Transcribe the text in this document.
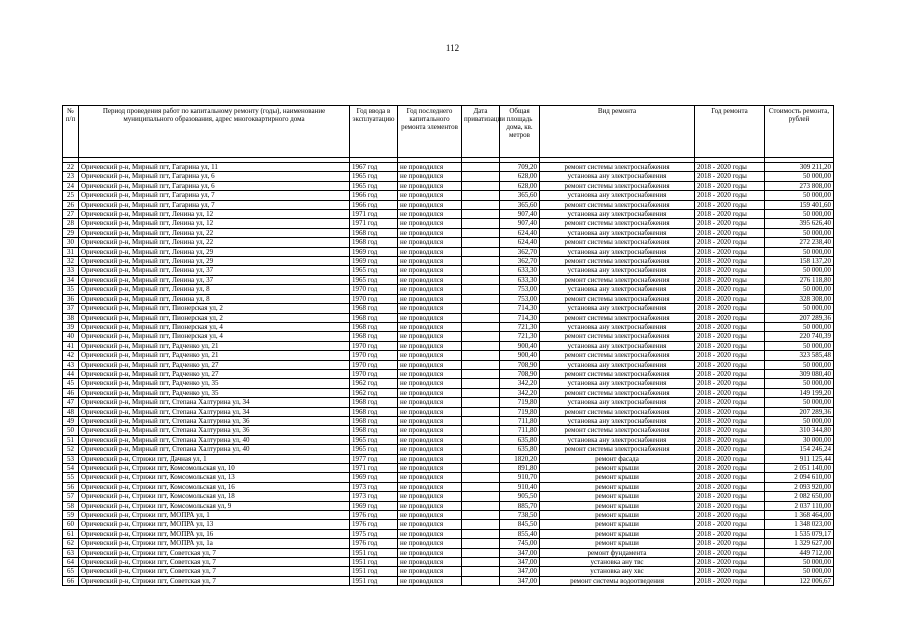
112
№ п/п	Период проведения работ по капитальному ремонту (годы), наименование муниципального образования, адрес многоквартирного дома	Год ввода в эксплуатацию	Год последнего капитального ремонта элементов	Дата приватизации	Общая площадь дома, кв. метров	Вид ремонта	Год ремонта	Стоимость ремонта, рублей

22	Оричевский р-н, Мирный пгт, Гагарина ул, 11	1967 год	не проводился		709,20	ремонт системы электроснабжения	2018 - 2020 годы	309 211,20
23	Оричевский р-н, Мирный пгт, Гагарина ул, 6	1965 год	не проводился		628,00	установка ану электроснабжения	2018 - 2020 годы	50 000,00
24	Оричевский р-н, Мирный пгт, Гагарина ул, 6	1965 год	не проводился		628,00	ремонт системы электроснабжения	2018 - 2020 годы	273 808,00
25	Оричевский р-н, Мирный пгт, Гагарина ул, 7	1966 год	не проводился		365,60	установка ану электроснабжения	2018 - 2020 годы	50 000,00
26	Оричевский р-н, Мирный пгт, Гагарина ул, 7	1966 год	не проводился		365,60	ремонт системы электроснабжения	2018 - 2020 годы	159 401,60
27	Оричевский р-н, Мирный пгт, Ленина ул, 12	1971 год	не проводился		907,40	установка ану электроснабжения	2018 - 2020 годы	50 000,00
28	Оричевский р-н, Мирный пгт, Ленина ул, 12	1971 год	не проводился		907,40	ремонт системы электроснабжения	2018 - 2020 годы	395 626,40
29	Оричевский р-н, Мирный пгт, Ленина ул, 22	1968 год	не проводился		624,40	установка ану электроснабжения	2018 - 2020 годы	50 000,00
30	Оричевский р-н, Мирный пгт, Ленина ул, 22	1968 год	не проводился		624,40	ремонт системы электроснабжения	2018 - 2020 годы	272 238,40
31	Оричевский р-н, Мирный пгт, Ленина ул, 29	1969 год	не проводился		362,70	установка ану электроснабжения	2018 - 2020 годы	50 000,00
32	Оричевский р-н, Мирный пгт, Ленина ул, 29	1969 год	не проводился		362,70	ремонт системы электроснабжения	2018 - 2020 годы	158 137,20
33	Оричевский р-н, Мирный пгт, Ленина ул, 37	1965 год	не проводился		633,30	установка ану электроснабжения	2018 - 2020 годы	50 000,00
34	Оричевский р-н, Мирный пгт, Ленина ул, 37	1965 год	не проводился		633,30	ремонт системы электроснабжения	2018 - 2020 годы	276 118,80
35	Оричевский р-н, Мирный пгт, Ленина ул, 8	1970 год	не проводился		753,00	установка ану электроснабжения	2018 - 2020 годы	50 000,00
36	Оричевский р-н, Мирный пгт, Ленина ул, 8	1970 год	не проводился		753,00	ремонт системы электроснабжения	2018 - 2020 годы	328 308,00
37	Оричевский р-н, Мирный пгт, Пионерская ул, 2	1968 год	не проводился		714,30	установка ану электроснабжения	2018 - 2020 годы	50 000,00
38	Оричевский р-н, Мирный пгт, Пионерская ул, 2	1968 год	не проводился		714,30	ремонт системы электроснабжения	2018 - 2020 годы	207 289,36
39	Оричевский р-н, Мирный пгт, Пионерская ул, 4	1968 год	не проводился		721,30	установка ану электроснабжения	2018 - 2020 годы	50 000,00
40	Оричевский р-н, Мирный пгт, Пионерская ул, 4	1968 год	не проводился		721,30	ремонт системы электроснабжения	2018 - 2020 годы	220 740,39
41	Оричевский р-н, Мирный пгт, Радченко ул, 21	1970 год	не проводился		900,40	установка ану электроснабжения	2018 - 2020 годы	50 000,00
42	Оричевский р-н, Мирный пгт, Радченко ул, 21	1970 год	не проводился		900,40	ремонт системы электроснабжения	2018 - 2020 годы	323 585,48
43	Оричевский р-н, Мирный пгт, Радченко ул, 27	1970 год	не проводился		708,90	установка ану электроснабжения	2018 - 2020 годы	50 000,00
44	Оричевский р-н, Мирный пгт, Радченко ул, 27	1970 год	не проводился		708,90	ремонт системы электроснабжения	2018 - 2020 годы	309 080,40
45	Оричевский р-н, Мирный пгт, Радченко ул, 35	1962 год	не проводился		342,20	установка ану электроснабжения	2018 - 2020 годы	50 000,00
46	Оричевский р-н, Мирный пгт, Радченко ул, 35	1962 год	не проводился		342,20	ремонт системы электроснабжения	2018 - 2020 годы	149 199,20
47	Оричевский р-н, Мирный пгт, Степана Халтурина ул, 34	1968 год	не проводился		719,80	установка ану электроснабжения	2018 - 2020 годы	50 000,00
48	Оричевский р-н, Мирный пгт, Степана Халтурина ул, 34	1968 год	не проводился		719,80	ремонт системы электроснабжения	2018 - 2020 годы	207 289,36
49	Оричевский р-н, Мирный пгт, Степана Халтурина ул, 36	1968 год	не проводился		711,80	установка ану электроснабжения	2018 - 2020 годы	50 000,00
50	Оричевский р-н, Мирный пгт, Степана Халтурина ул, 36	1968 год	не проводился		711,80	ремонт системы электроснабжения	2018 - 2020 годы	310 344,80
51	Оричевский р-н, Мирный пгт, Степана Халтурина ул, 40	1965 год	не проводился		635,80	установка ану электроснабжения	2018 - 2020 годы	30 000,00
52	Оричевский р-н, Мирный пгт, Степана Халтурина ул, 40	1965 год	не проводился		635,80	ремонт системы электроснабжения	2018 - 2020 годы	154 246,24
53	Оричевский р-н, Стрижи пгт, Дачная ул, 1	1977 год	не проводился		1820,20	ремонт фасада	2018 - 2020 годы	911 125,44
54	Оричевский р-н, Стрижи пгт, Комсомольская ул, 10	1971 год	не проводился		891,80	ремонт крыши	2018 - 2020 годы	2 051 140,00
55	Оричевский р-н, Стрижи пгт, Комсомольская ул, 13	1969 год	не проводился		910,70	ремонт крыши	2018 - 2020 годы	2 094 610,00
56	Оричевский р-н, Стрижи пгт, Комсомольская ул, 16	1973 год	не проводился		910,40	ремонт крыши	2018 - 2020 годы	2 093 920,00
57	Оричевский р-н, Стрижи пгт, Комсомольская ул, 18	1973 год	не проводился		905,50	ремонт крыши	2018 - 2020 годы	2 082 650,00
58	Оричевский р-н, Стрижи пгт, Комсомольская ул, 9	1969 год	не проводился		885,70	ремонт крыши	2018 - 2020 годы	2 037 110,00
59	Оричевский р-н, Стрижи пгт, МОПРА ул, 1	1976 год	не проводился		738,50	ремонт крыши	2018 - 2020 годы	1 368 464,00
60	Оричевский р-н, Стрижи пгт, МОПРА ул, 13	1976 год	не проводился		845,50	ремонт крыши	2018 - 2020 годы	1 348 023,00
61	Оричевский р-н, Стрижи пгт, МОПРА ул, 16	1975 год	не проводился		855,40	ремонт крыши	2018 - 2020 годы	1 535 079,17
62	Оричевский р-н, Стрижи пгт, МОПРА ул, 1а	1976 год	не проводился		745,00	ремонт крыши	2018 - 2020 годы	1 329 627,00
63	Оричевский р-н, Стрижи пгт, Советская ул, 7	1951 год	не проводился		347,00	ремонт фундамента	2018 - 2020 годы	449 712,00
64	Оричевский р-н, Стрижи пгт, Советская ул, 7	1951 год	не проводился		347,00	установка ану твс	2018 - 2020 годы	50 000,00
65	Оричевский р-н, Стрижи пгт, Советская ул, 7	1951 год	не проводился		347,00	установка ану хвс	2018 - 2020 годы	50 000,00
66	Оричевский р-н, Стрижи пгт, Советская ул, 7	1951 год	не проводился		347,00	ремонт системы водоотведения	2018 - 2020 годы	122 006,67
